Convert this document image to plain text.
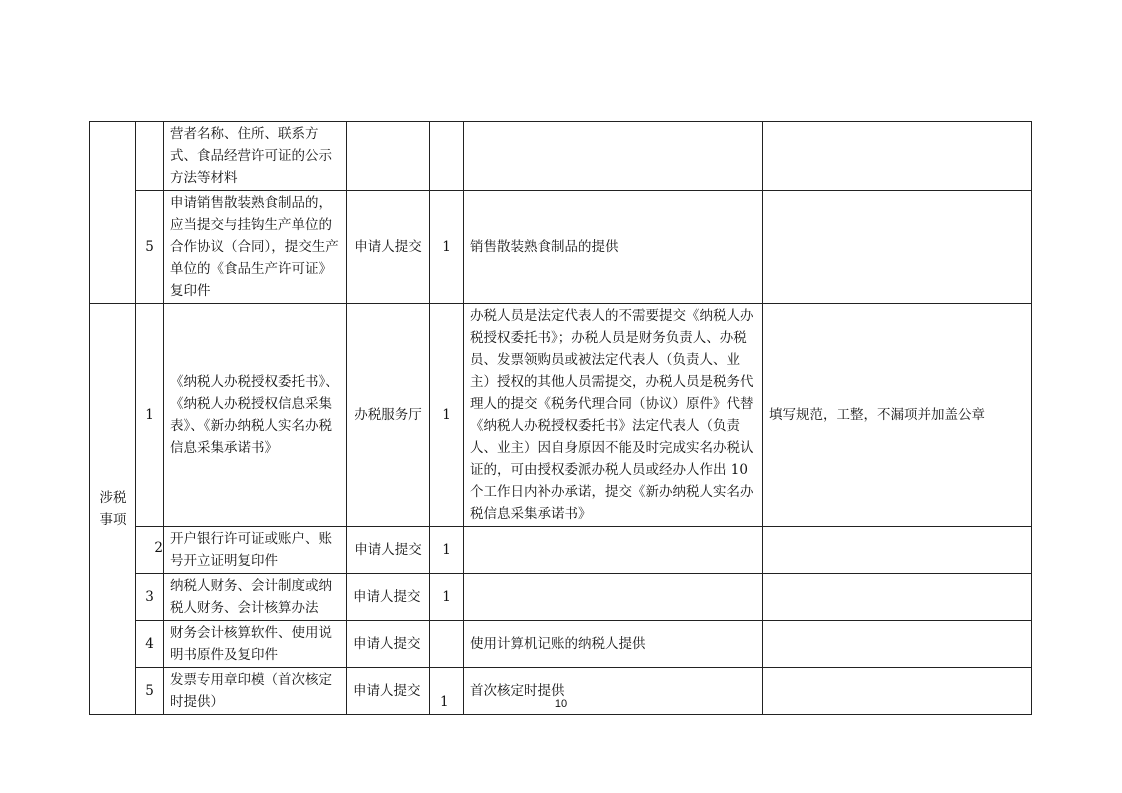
		营者名称、住所、联系方式、食品经营许可证的公示方法等材料				
	5	申请销售散装熟食制品的，应当提交与挂钩生产单位的合作协议（合同），提交生产单位的《食品生产许可证》复印件	申请人提交	1	销售散装熟食制品的提供	

涉税事项	1	《纳税人办税授权委托书》、《纳税人办税授权信息采集表》、《新办纳税人实名办税信息采集承诺书》	办税服务厅	1	办税人员是法定代表人的不需要提交《纳税人办税授权委托书》；办税人员是财务负责人、办税员、发票领购员或被法定代表人（负责人、业主）授权的其他人员需提交，办税人员是税务代理人的提交《税务代理合同（协议）原件》代替《纳税人办税授权委托书》法定代表人（负责人、业主）因自身原因不能及时完成实名办税认证的，可由授权委派办税人员或经办人作出 10 个工作日内补办承诺，提交《新办纳税人实名办税信息采集承诺书》	填写规范，工整，不漏项并加盖公章
	2	开户银行许可证或账户、账号开立证明复印件	申请人提交	1		
	3	纳税人财务、会计制度或纳税人财务、会计核算办法	申请人提交	1		
	4	财务会计核算软件、使用说明书原件及复印件	申请人提交		使用计算机记账的纳税人提供	
	5	发票专用章印模（首次核定时提供）	申请人提交	1	首次核定时提供	
10
